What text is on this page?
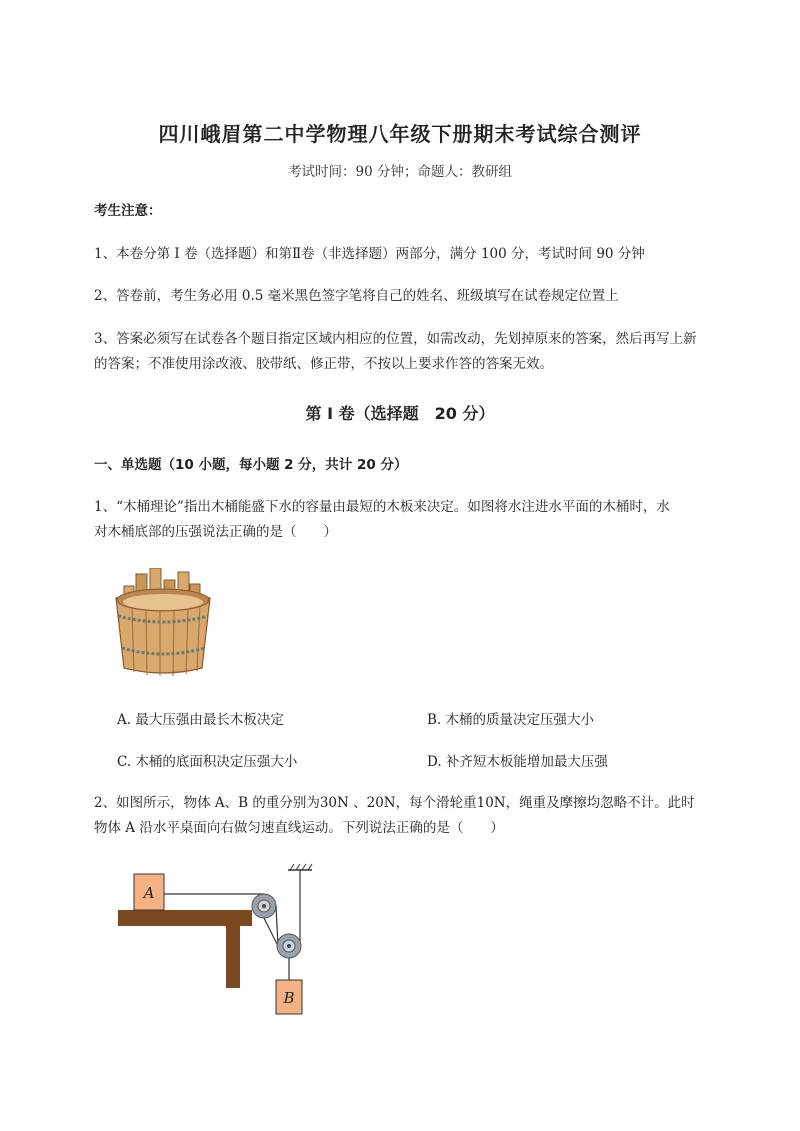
四川峨眉第二中学物理八年级下册期末考试综合测评
考试时间：90 分钟；命题人：教研组
考生注意：
1、本卷分第 I 卷（选择题）和第Ⅱ卷（非选择题）两部分，满分 100 分，考试时间 90 分钟
2、答卷前，考生务必用 0.5 毫米黑色签字笔将自己的姓名、班级填写在试卷规定位置上
3、答案必须写在试卷各个题目指定区域内相应的位置，如需改动，先划掉原来的答案，然后再写上新
的答案；不准使用涂改液、胶带纸、修正带，不按以上要求作答的答案无效。
第 I 卷（选择题　20 分）
一、单选题（10 小题，每小题 2 分，共计 20 分）
1、“木桶理论”指出木桶能盛下水的容量由最短的木板来决定。如图将水注进水平面的木桶时，水
对木桶底部的压强说法正确的是（　　）
A. 最大压强由最长木板决定	B. 木桶的质量决定压强大小
C. 木桶的底面积决定压强大小	D. 补齐短木板能增加最大压强
2、如图所示，物体 A、B 的重分别为30N 、20N，每个滑轮重10N，绳重及摩擦均忽略不计。此时
物体 A 沿水平桌面向右做匀速直线运动。下列说法正确的是（　　）
A
B
